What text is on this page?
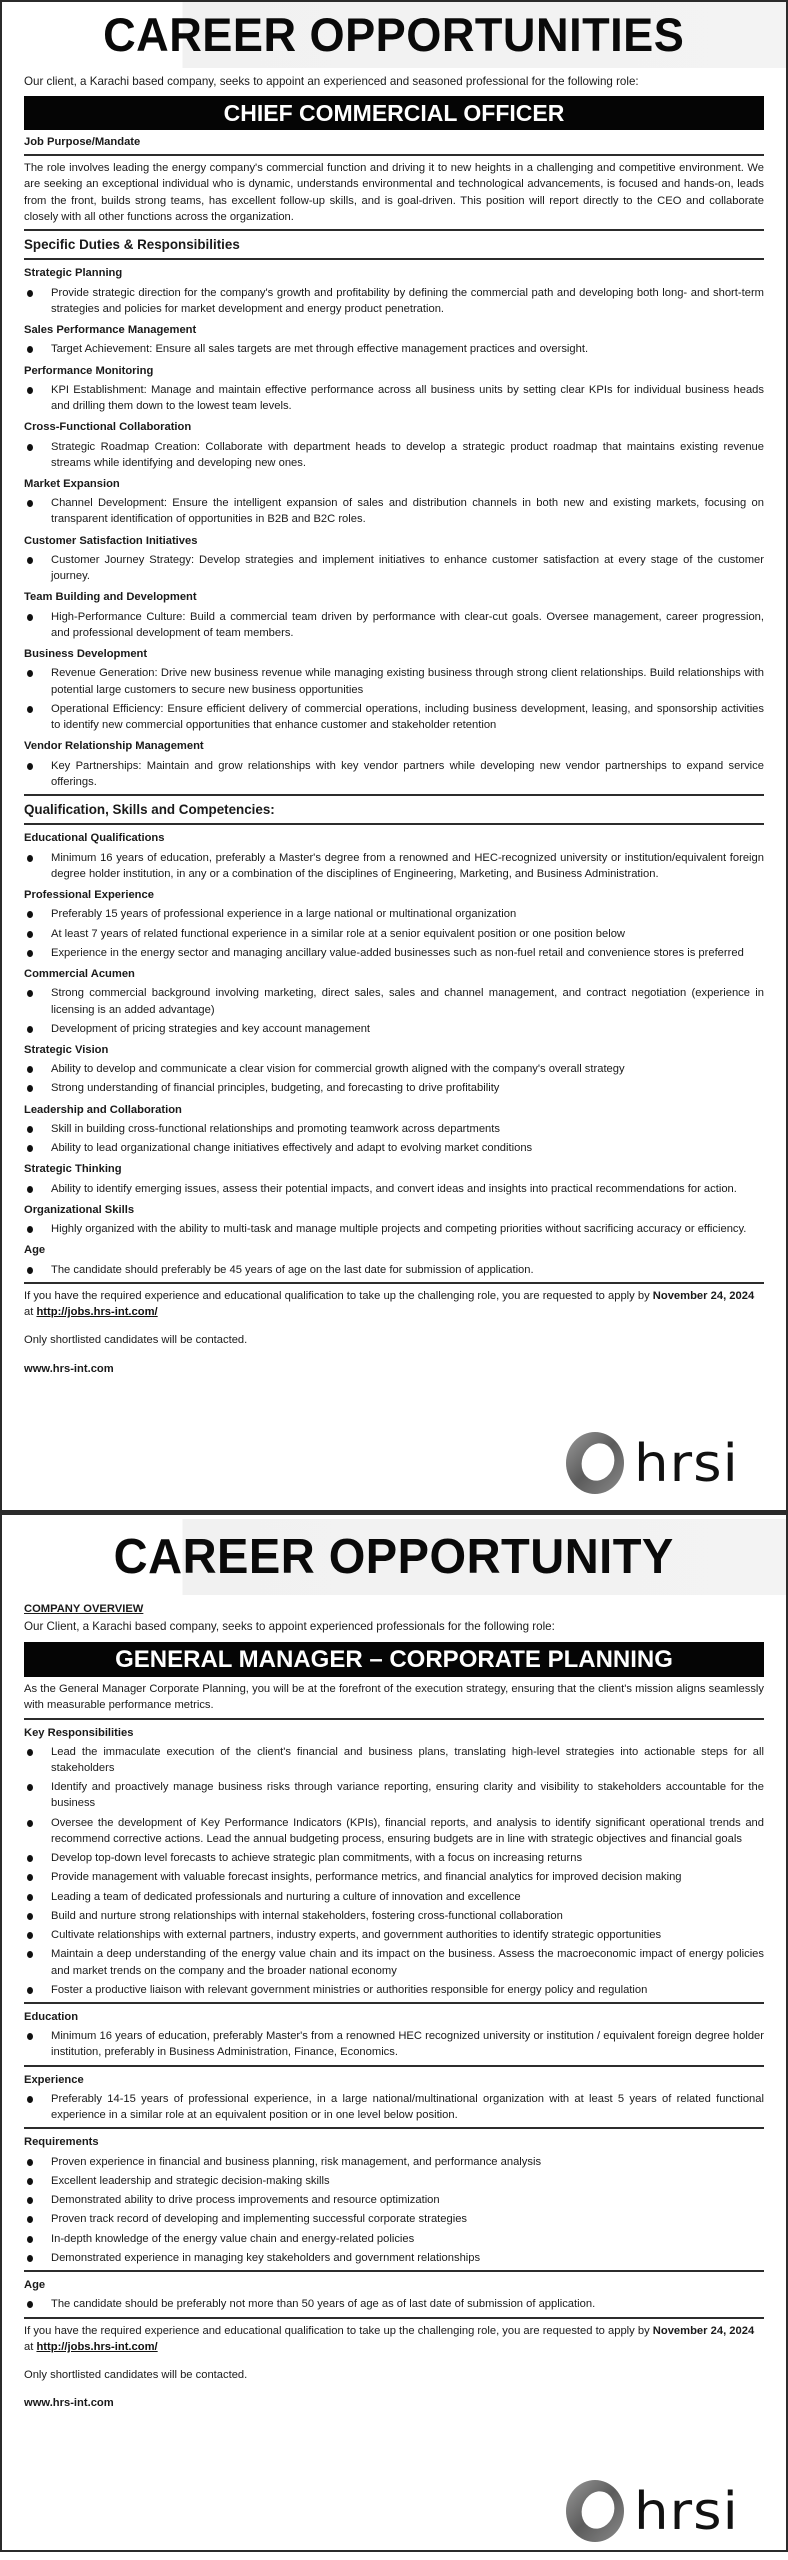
CAREER OPPORTUNITIES
Our client, a Karachi based company, seeks to appoint an experienced and seasoned professional for the following role:
CHIEF COMMERCIAL OFFICER
Job Purpose/Mandate

The role involves leading the energy company's commercial function and driving it to new heights in a challenging and competitive environment. We are seeking an exceptional individual who is dynamic, understands environmental and technological advancements, is focused and hands-on, leads from the front, builds strong teams, has excellent follow-up skills, and is goal-driven. This position will report directly to the CEO and collaborate closely with all other functions across the organization.

Specific Duties & Responsibilities
Strategic Planning
Provide strategic direction for the company's growth and profitability by defining the commercial path and developing both long- and short-term strategies and policies for market development and energy product penetration.
Sales Performance Management
Target Achievement: Ensure all sales targets are met through effective management practices and oversight.
Performance Monitoring
KPI Establishment: Manage and maintain effective performance across all business units by setting clear KPIs for individual business heads and drilling them down to the lowest team levels.
Cross-Functional Collaboration
Strategic Roadmap Creation: Collaborate with department heads to develop a strategic product roadmap that maintains existing revenue streams while identifying and developing new ones.
Market Expansion
Channel Development: Ensure the intelligent expansion of sales and distribution channels in both new and existing markets, focusing on transparent identification of opportunities in B2B and B2C roles.
Customer Satisfaction Initiatives
Customer Journey Strategy: Develop strategies and implement initiatives to enhance customer satisfaction at every stage of the customer journey.
Team Building and Development
High-Performance Culture: Build a commercial team driven by performance with clear-cut goals. Oversee management, career progression, and professional development of team members.
Business Development
Revenue Generation: Drive new business revenue while managing existing business through strong client relationships. Build relationships with potential large customers to secure new business opportunities
Operational Efficiency: Ensure efficient delivery of commercial operations, including business development, leasing, and sponsorship activities to identify new commercial opportunities that enhance customer and stakeholder retention
Vendor Relationship Management
Key Partnerships: Maintain and grow relationships with key vendor partners while developing new vendor partnerships to expand service offerings.
Qualification, Skills and Competencies:
Educational Qualifications
Minimum 16 years of education, preferably a Master's degree from a renowned and HEC-recognized university or institution/equivalent foreign degree holder institution, in any or a combination of the disciplines of Engineering, Marketing, and Business Administration.
Professional Experience
Preferably 15 years of professional experience in a large national or multinational organization
At least 7 years of related functional experience in a similar role at a senior equivalent position or one position below
Experience in the energy sector and managing ancillary value-added businesses such as non-fuel retail and convenience stores is preferred
Commercial Acumen
Strong commercial background involving marketing, direct sales, sales and channel management, and contract negotiation (experience in licensing is an added advantage)
Development of pricing strategies and key account management
Strategic Vision
Ability to develop and communicate a clear vision for commercial growth aligned with the company's overall strategy
Strong understanding of financial principles, budgeting, and forecasting to drive profitability
Leadership and Collaboration
Skill in building cross-functional relationships and promoting teamwork across departments
Ability to lead organizational change initiatives effectively and adapt to evolving market conditions
Strategic Thinking
Ability to identify emerging issues, assess their potential impacts, and convert ideas and insights into practical recommendations for action.
Organizational Skills
Highly organized with the ability to multi-task and manage multiple projects and competing priorities without sacrificing accuracy or efficiency.
Age
The candidate should preferably be 45 years of age on the last date for submission of application.
If you have the required experience and educational qualification to take up the challenging role, you are requested to apply by November 24, 2024 at http://jobs.hrs-int.com/
Only shortlisted candidates will be contacted.
www.hrs-int.com
hrsi
CAREER OPPORTUNITY
COMPANY OVERVIEW
Our Client, a Karachi based company, seeks to appoint experienced professionals for the following role:
GENERAL MANAGER – CORPORATE PLANNING

As the General Manager Corporate Planning, you will be at the forefront of the execution strategy, ensuring that the client's mission aligns seamlessly with measurable performance metrics.

Key Responsibilities
Lead the immaculate execution of the client's financial and business plans, translating high-level strategies into actionable steps for all stakeholders
Identify and proactively manage business risks through variance reporting, ensuring clarity and visibility to stakeholders accountable for the business
Oversee the development of Key Performance Indicators (KPIs), financial reports, and analysis to identify significant operational trends and recommend corrective actions. Lead the annual budgeting process, ensuring budgets are in line with strategic objectives and financial goals
Develop top-down level forecasts to achieve strategic plan commitments, with a focus on increasing returns
Provide management with valuable forecast insights, performance metrics, and financial analytics for improved decision making
Leading a team of dedicated professionals and nurturing a culture of innovation and excellence
Build and nurture strong relationships with internal stakeholders, fostering cross-functional collaboration
Cultivate relationships with external partners, industry experts, and government authorities to identify strategic opportunities
Maintain a deep understanding of the energy value chain and its impact on the business. Assess the macroeconomic impact of energy policies and market trends on the company and the broader national economy
Foster a productive liaison with relevant government ministries or authorities responsible for energy policy and regulation
Education
Minimum 16 years of education, preferably Master's from a renowned HEC recognized university or institution / equivalent foreign degree holder institution, preferably in Business Administration, Finance, Economics.
Experience
Preferably 14-15 years of professional experience, in a large national/multinational organization with at least 5 years of related functional experience in a similar role at an equivalent position or in one level below position.
Requirements
Proven experience in financial and business planning, risk management, and performance analysis
Excellent leadership and strategic decision-making skills
Demonstrated ability to drive process improvements and resource optimization
Proven track record of developing and implementing successful corporate strategies
In-depth knowledge of the energy value chain and energy-related policies
Demonstrated experience in managing key stakeholders and government relationships
Age
The candidate should be preferably not more than 50 years of age as of last date of submission of application.
If you have the required experience and educational qualification to take up the challenging role, you are requested to apply by November 24, 2024 at http://jobs.hrs-int.com/
Only shortlisted candidates will be contacted.
www.hrs-int.com
hrsi
